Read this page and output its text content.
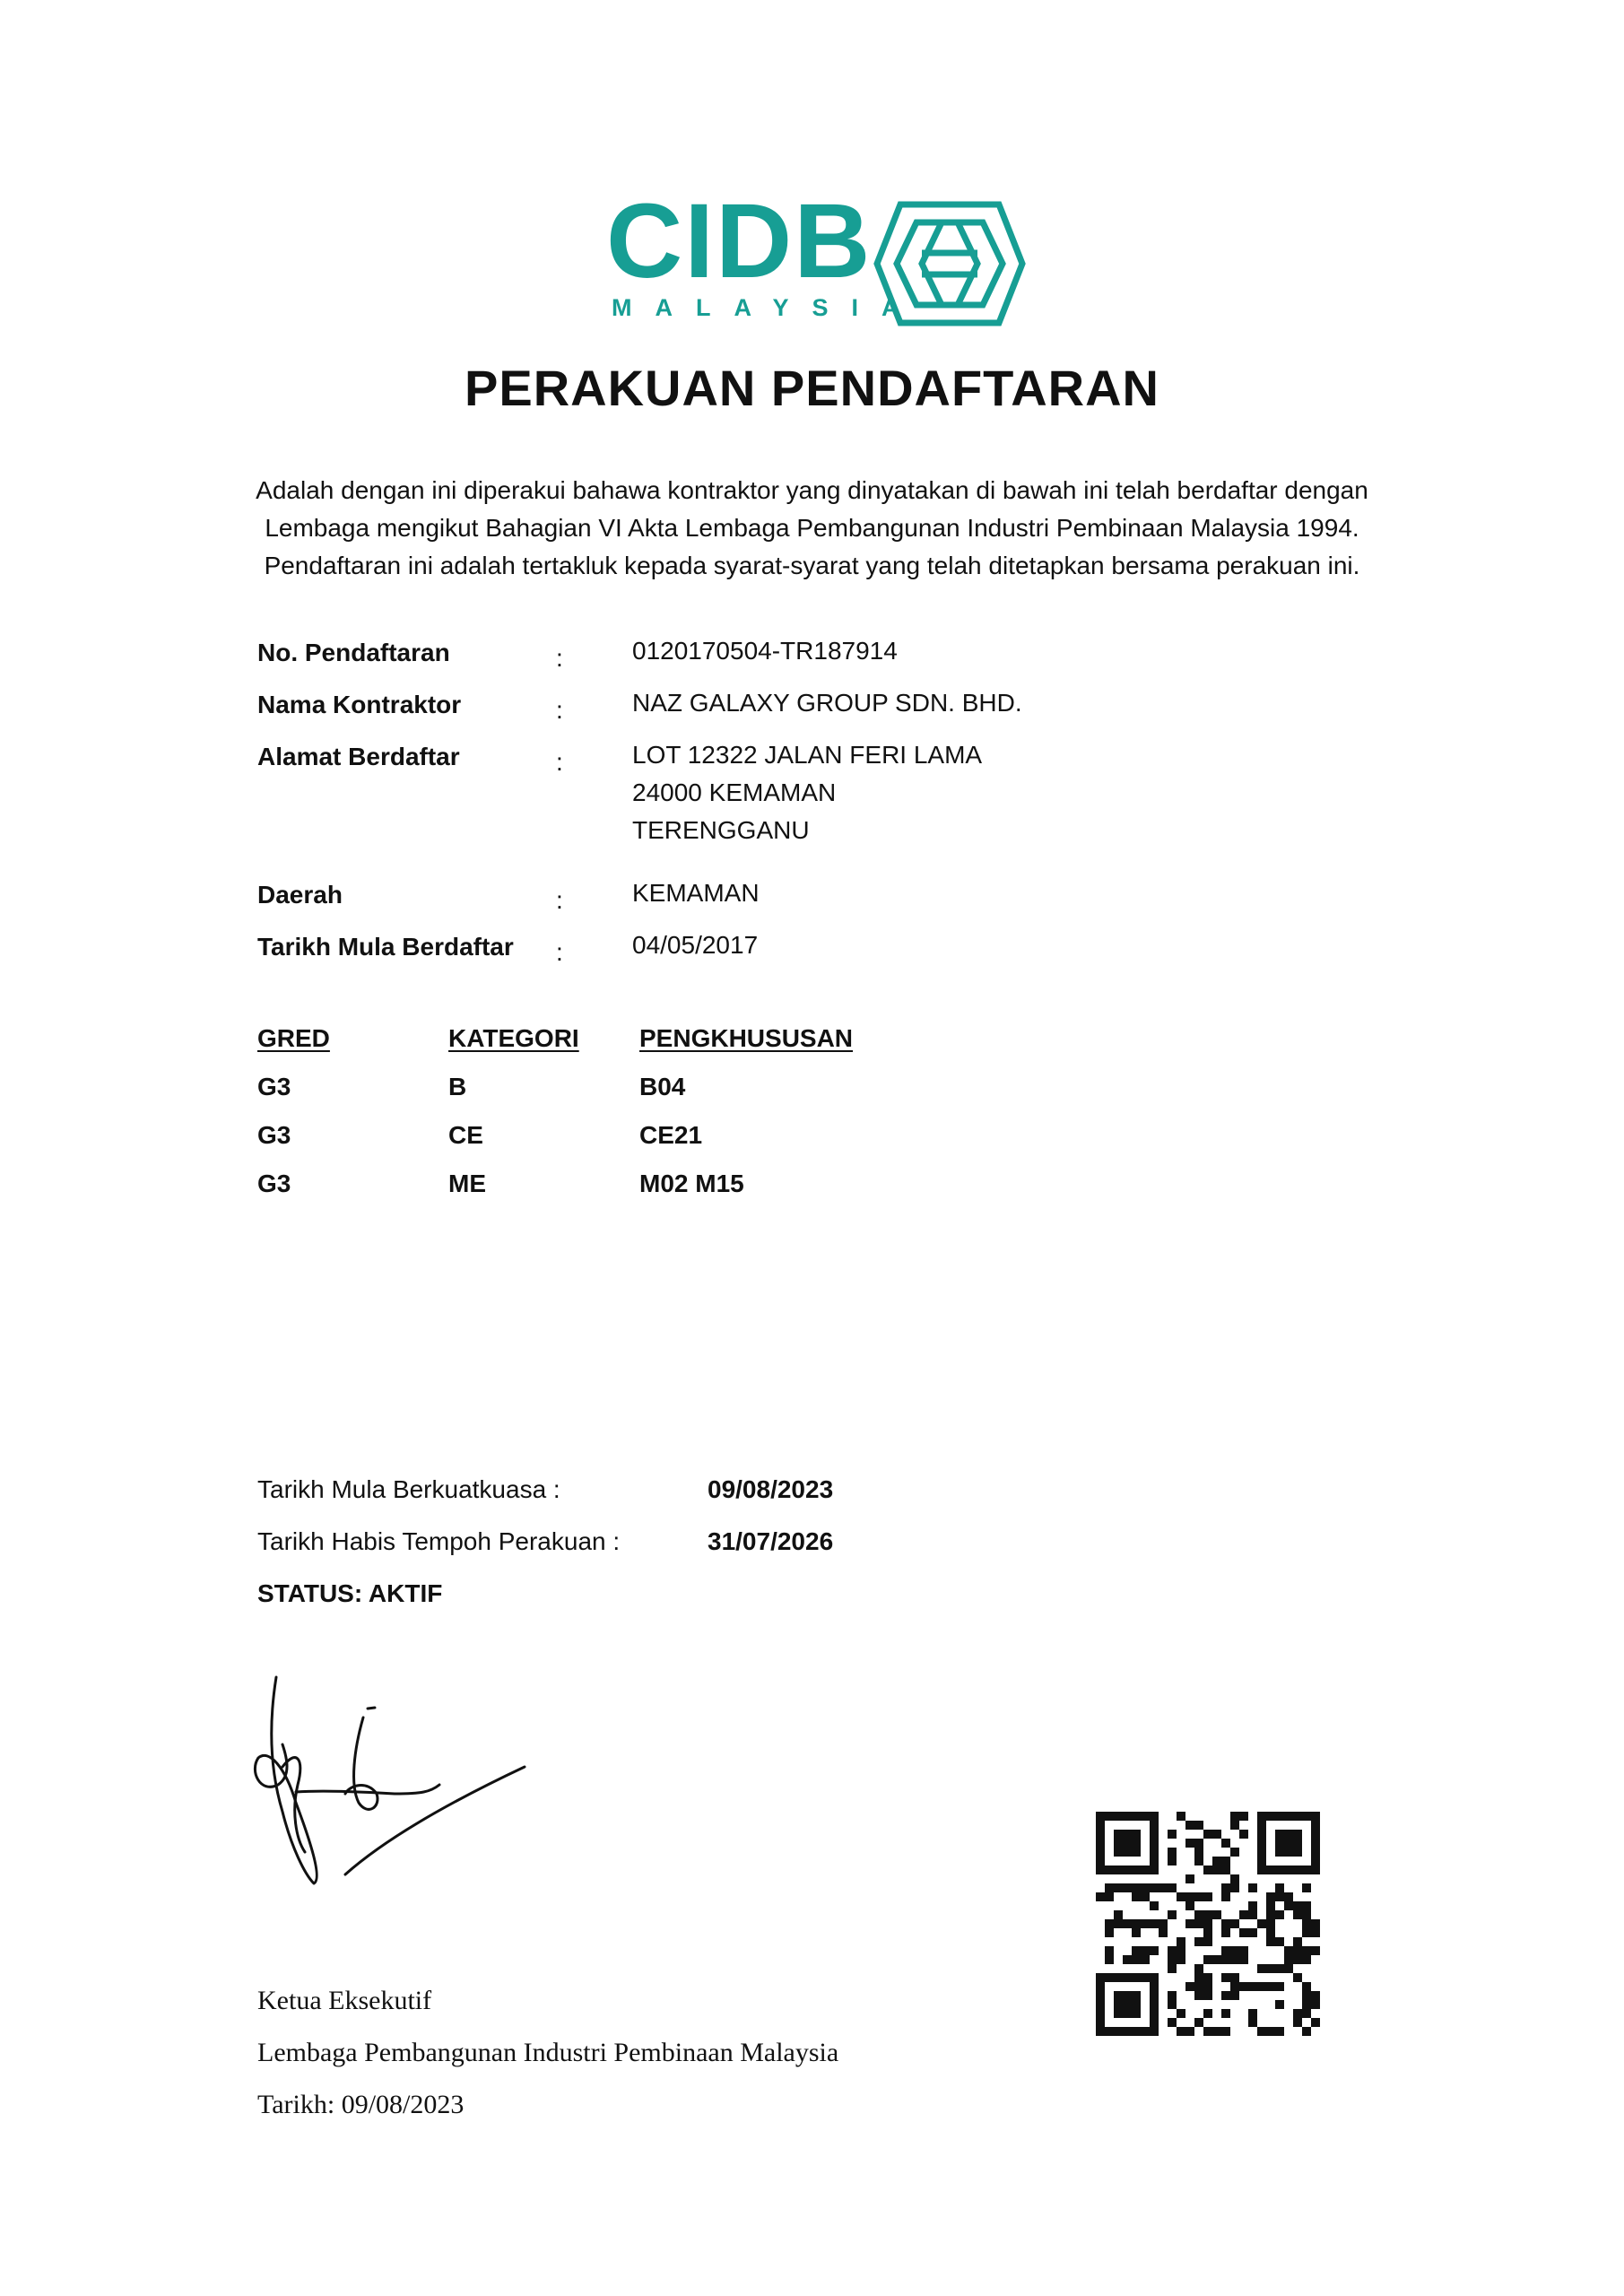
CIDB
MALAYSIA
PERAKUAN PENDAFTARAN
Adalah dengan ini diperakui bahawa kontraktor yang dinyatakan di bawah ini telah berdaftar dengan
Lembaga mengikut Bahagian VI Akta Lembaga Pembangunan Industri Pembinaan Malaysia 1994.
Pendaftaran ini adalah tertakluk kepada syarat-syarat yang telah ditetapkan bersama perakuan ini.
No. Pendaftaran	:	0120170504-TR187914
Nama Kontraktor	:	NAZ GALAXY GROUP SDN. BHD.
Alamat Berdaftar	:	LOT 12322 JALAN FERI LAMA
24000 KEMAMAN
TERENGGANU
Daerah	:	KEMAMAN
Tarikh Mula Berdaftar :	04/05/2017
GRED	KATEGORI PENGKHUSUSAN
G3	B	B04
G3	CE	CE21
G3	ME	M02 M15
Tarikh Mula Berkuatkuasa :	09/08/2023
Tarikh Habis Tempoh Perakuan :	31/07/2026
STATUS: AKTIF
Ketua Eksekutif
Lembaga Pembangunan Industri Pembinaan Malaysia
Tarikh: 09/08/2023
